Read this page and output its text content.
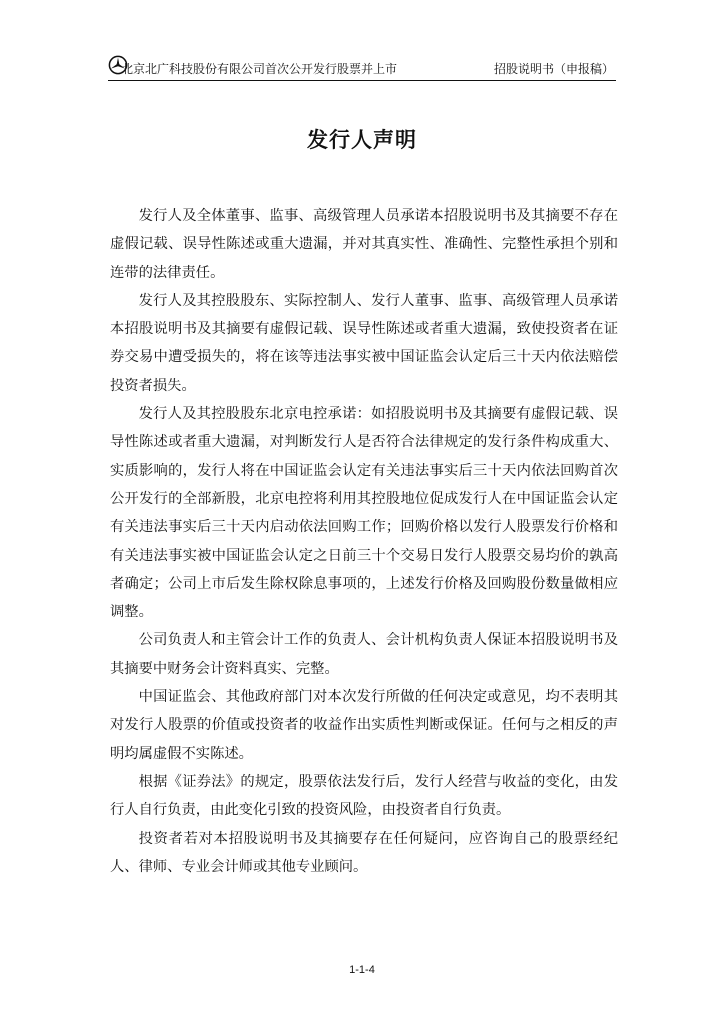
北京北广科技股份有限公司首次公开发行股票并上市	招股说明书（申报稿）
发行人声明

发行人及全体董事、监事、高级管理人员承诺本招股说明书及其摘要不存在虚假记载、误导性陈述或重大遗漏，并对其真实性、准确性、完整性承担个别和连带的法律责任。

发行人及其控股股东、实际控制人、发行人董事、监事、高级管理人员承诺本招股说明书及其摘要有虚假记载、误导性陈述或者重大遗漏，致使投资者在证券交易中遭受损失的，将在该等违法事实被中国证监会认定后三十天内依法赔偿投资者损失。

发行人及其控股股东北京电控承诺：如招股说明书及其摘要有虚假记载、误导性陈述或者重大遗漏，对判断发行人是否符合法律规定的发行条件构成重大、实质影响的，发行人将在中国证监会认定有关违法事实后三十天内依法回购首次公开发行的全部新股，北京电控将利用其控股地位促成发行人在中国证监会认定有关违法事实后三十天内启动依法回购工作；回购价格以发行人股票发行价格和有关违法事实被中国证监会认定之日前三十个交易日发行人股票交易均价的孰高者确定；公司上市后发生除权除息事项的，上述发行价格及回购股份数量做相应调整。

公司负责人和主管会计工作的负责人、会计机构负责人保证本招股说明书及其摘要中财务会计资料真实、完整。

中国证监会、其他政府部门对本次发行所做的任何决定或意见，均不表明其对发行人股票的价值或投资者的收益作出实质性判断或保证。任何与之相反的声明均属虚假不实陈述。

根据《证券法》的规定，股票依法发行后，发行人经营与收益的变化，由发行人自行负责，由此变化引致的投资风险，由投资者自行负责。

投资者若对本招股说明书及其摘要存在任何疑问，应咨询自己的股票经纪人、律师、专业会计师或其他专业顾问。

1-1-4
